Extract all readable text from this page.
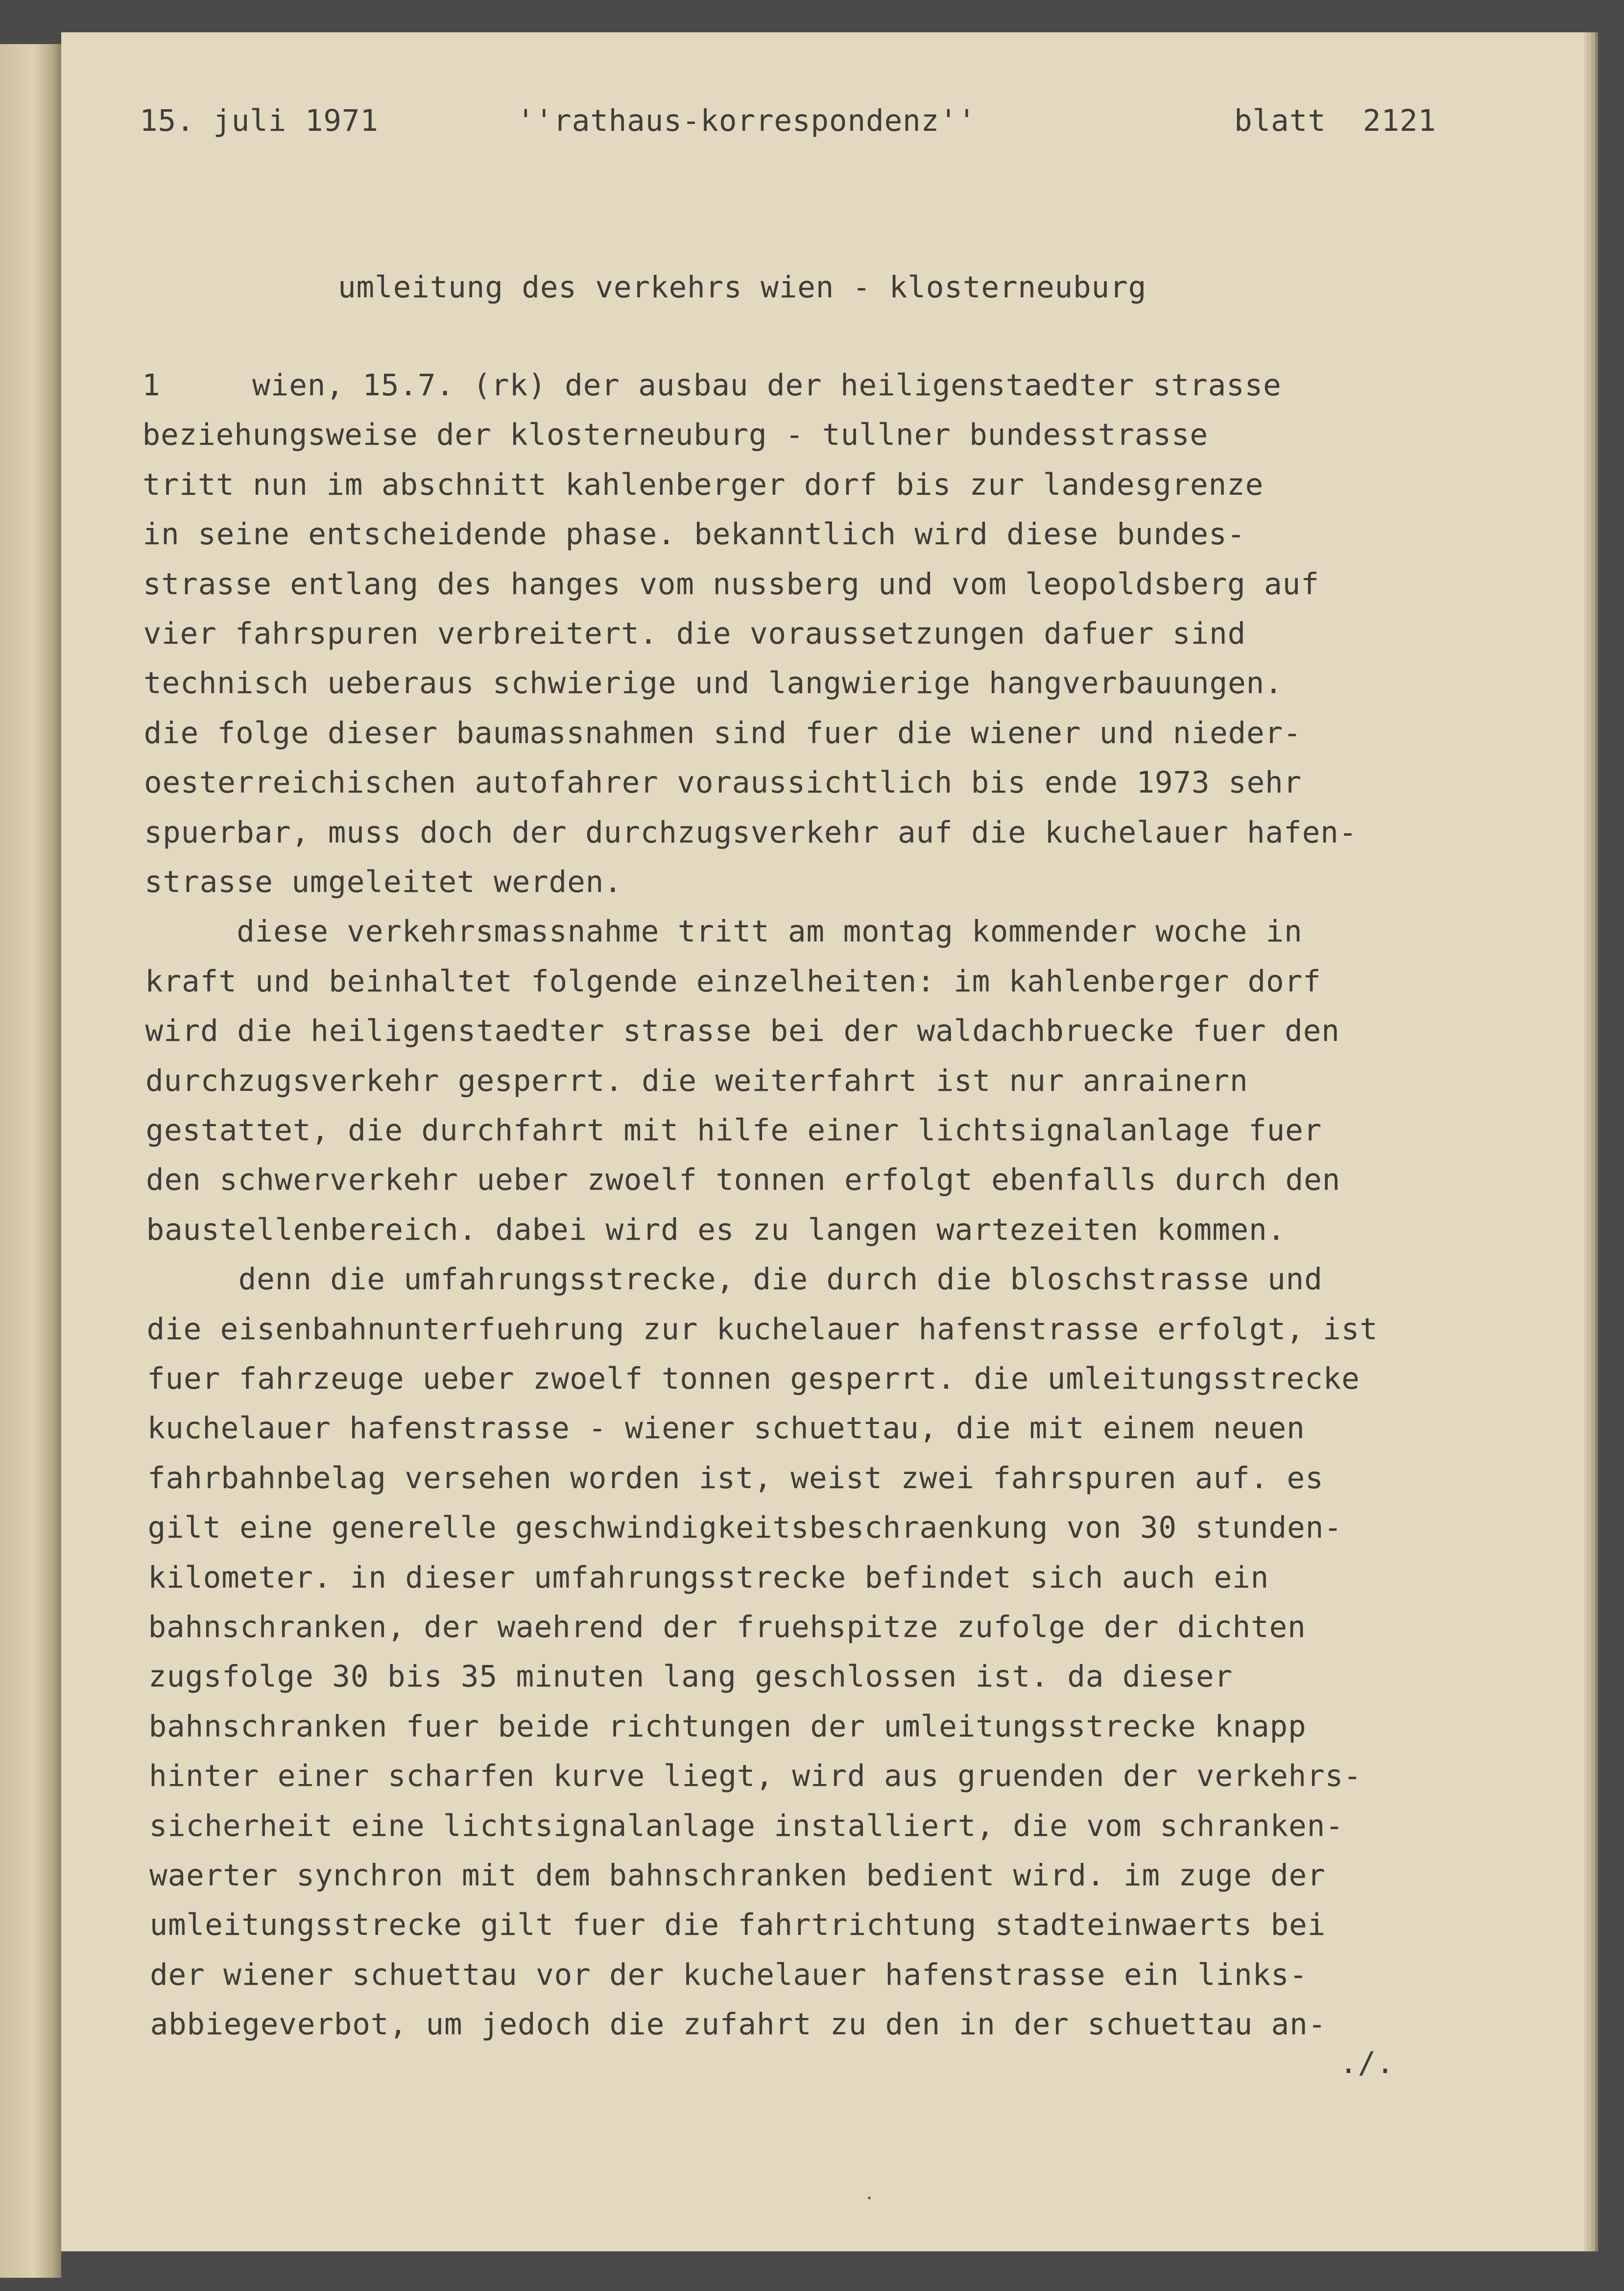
15. juli 1971	''rathaus-korrespondenz''	blatt  2121
umleitung des verkehrs wien - klosterneuburg
1     wien, 15.7. (rk) der ausbau der heiligenstaedter strasse
beziehungsweise der klosterneuburg - tullner bundesstrasse
tritt nun im abschnitt kahlenberger dorf bis zur landesgrenze
in seine entscheidende phase. bekanntlich wird diese bundes-
strasse entlang des hanges vom nussberg und vom leopoldsberg auf
vier fahrspuren verbreitert. die voraussetzungen dafuer sind
technisch ueberaus schwierige und langwierige hangverbauungen.
die folge dieser baumassnahmen sind fuer die wiener und nieder-
oesterreichischen autofahrer voraussichtlich bis ende 1973 sehr
spuerbar, muss doch der durchzugsverkehr auf die kuchelauer hafen-
strasse umgeleitet werden.
diese verkehrsmassnahme tritt am montag kommender woche in
kraft und beinhaltet folgende einzelheiten: im kahlenberger dorf
wird die heiligenstaedter strasse bei der waldachbruecke fuer den
durchzugsverkehr gesperrt. die weiterfahrt ist nur anrainern
gestattet, die durchfahrt mit hilfe einer lichtsignalanlage fuer
den schwerverkehr ueber zwoelf tonnen erfolgt ebenfalls durch den
baustellenbereich. dabei wird es zu langen wartezeiten kommen.
denn die umfahrungsstrecke, die durch die bloschstrasse und
die eisenbahnunterfuehrung zur kuchelauer hafenstrasse erfolgt, ist
fuer fahrzeuge ueber zwoelf tonnen gesperrt. die umleitungsstrecke
kuchelauer hafenstrasse - wiener schuettau, die mit einem neuen
fahrbahnbelag versehen worden ist, weist zwei fahrspuren auf. es
gilt eine generelle geschwindigkeitsbeschraenkung von 30 stunden-
kilometer. in dieser umfahrungsstrecke befindet sich auch ein
bahnschranken, der waehrend der fruehspitze zufolge der dichten
zugsfolge 30 bis 35 minuten lang geschlossen ist. da dieser
bahnschranken fuer beide richtungen der umleitungsstrecke knapp
hinter einer scharfen kurve liegt, wird aus gruenden der verkehrs-
sicherheit eine lichtsignalanlage installiert, die vom schranken-
waerter synchron mit dem bahnschranken bedient wird. im zuge der
umleitungsstrecke gilt fuer die fahrtrichtung stadteinwaerts bei
der wiener schuettau vor der kuchelauer hafenstrasse ein links-
abbiegeverbot, um jedoch die zufahrt zu den in der schuettau an-
./.
